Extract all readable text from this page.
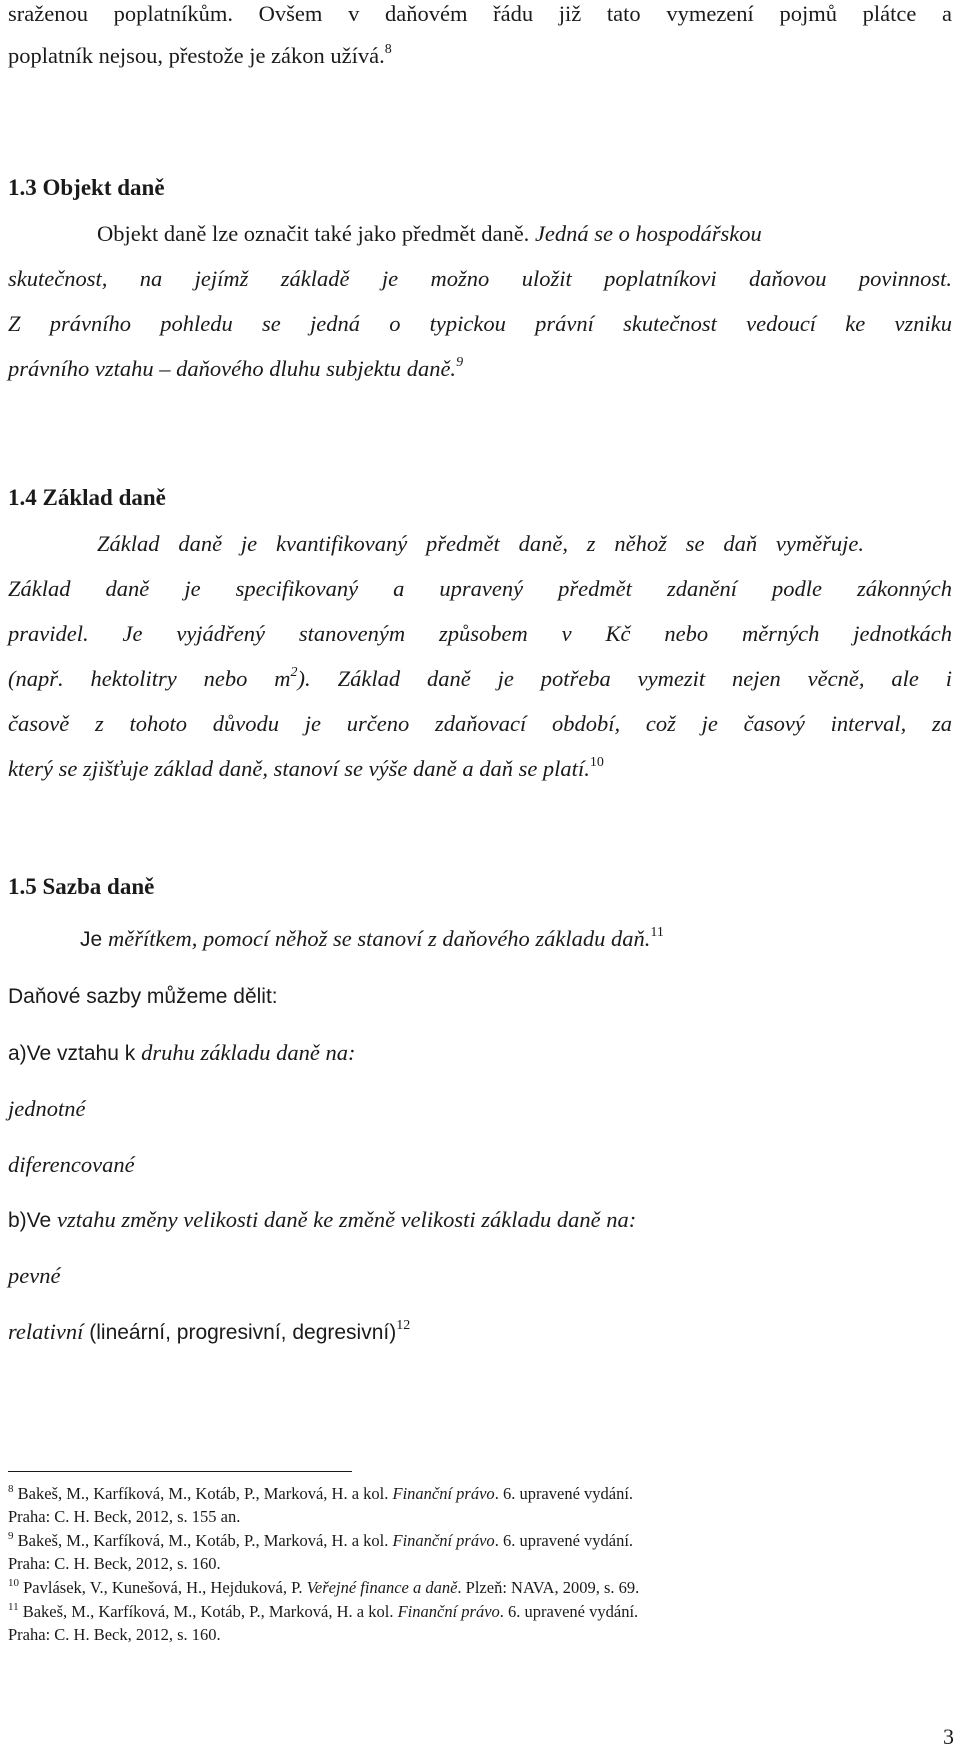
sraženou poplatníkům. Ovšem v daňovém řádu již tato vymezení pojmů plátce a
poplatník nejsou, přestože je zákon užívá.$^8$
1.3 Objekt daně
Objekt daně lze označit také jako předmět daně. Jedná se o hospodářskou
skutečnost, na jejímž základě je možno uložit poplatníkovi daňovou povinnost.
Z právního pohledu se jedná o typickou právní skutečnost vedoucí ke vzniku
právního vztahu – daňového dluhu subjektu daně.$^9$
1.4 Základ daně
Základ daně je kvantifikovaný předmět daně, z něhož se daň vyměřuje.
Základ daně je specifikovaný a upravený předmět zdanění podle zákonných
pravidel. Je vyjádřený stanoveným způsobem v Kč nebo měrných jednotkách
(např. hektolitry nebo $m^2$). Základ daně je potřeba vymezit nejen věcně, ale i
časově z tohoto důvodu je určeno zdaňovací období, což je časový interval, za
který se zjišťuje základ daně, stanoví se výše daně a daň se platí.$^{10}$
1.5 Sazba daně
Je měřítkem, pomocí něhož se stanoví z daňového základu daň.$^{11}$
Daňové sazby můžeme dělit:
a)Ve vztahu k druhu základu daně na:
jednotné
diferencované
b)Ve vztahu změny velikosti daně ke změně velikosti základu daně na:
pevné
relativní (lineární, progresivní, degresivní)$^{12}$
$^8$ Bakeš, M., Karfíková, M., Kotáb, P., Marková, H. a kol. Finanční právo. 6. upravené vydání.
Praha: C. H. Beck, 2012, s. 155 an.
$^9$ Bakeš, M., Karfíková, M., Kotáb, P., Marková, H. a kol. Finanční právo. 6. upravené vydání.
Praha: C. H. Beck, 2012, s. 160.
$^{10}$ Pavlásek, V., Kunešová, H., Hejduková, P. Veřejné finance a daně. Plzeň: NAVA, 2009, s. 69.
$^{11}$ Bakeš, M., Karfíková, M., Kotáb, P., Marková, H. a kol. Finanční právo. 6. upravené vydání.
Praha: C. H. Beck, 2012, s. 160.
3
